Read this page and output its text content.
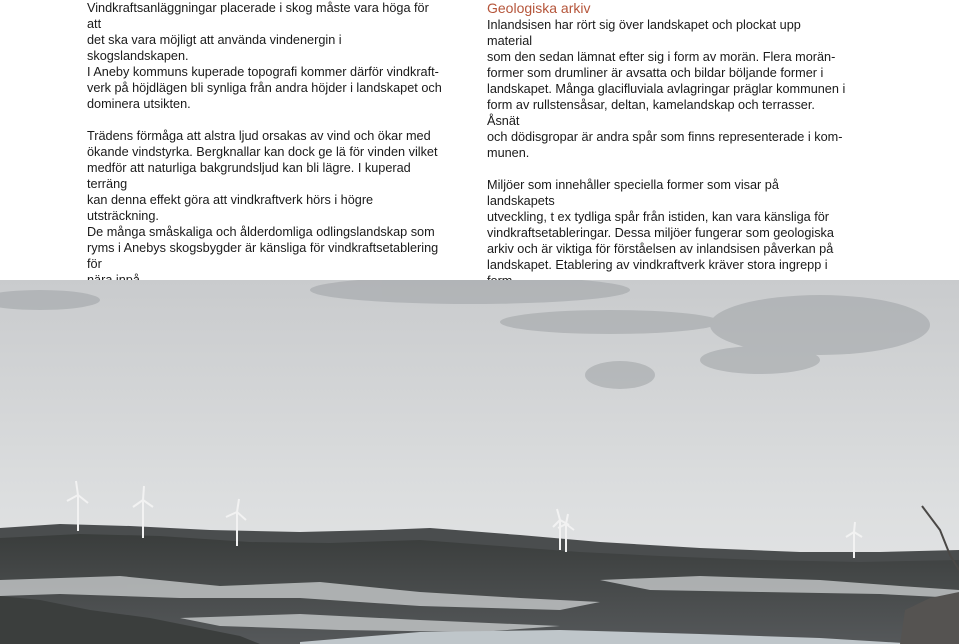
Vindkraftsanläggningar placerade i skog måste vara höga för att
det ska vara möjligt att använda vindenergin i skogslandskapen.
I Aneby kommuns kuperade topografi kommer därför vindkraft-
verk på höjdlägen bli synliga från andra höjder i landskapet och
dominera utsikten.

Trädens förmåga att alstra ljud orsakas av vind och ökar med
ökande vindstyrka. Bergknallar kan dock ge lä för vinden vilket
medför att naturliga bakgrundsljud kan bli lägre. I kuperad terräng
kan denna effekt göra att vindkraftverk hörs i högre utsträckning.
De många småskaliga och ålderdomliga odlingslandskap som
ryms i Anebys skogsbygder är känsliga för vindkraftsetablering för

Geologiska arkiv

Inlandsisen har rört sig över landskapet och plockat upp material
som den sedan lämnat efter sig i form av morän. Flera morän-
former som drumliner är avsatta och bildar böljande former i
landskapet. Många glacifluviala avlagringar präglar kommunen i
form av rullstensåsar, deltan, kamelandskap och terrasser. Åsnät
och dödisgropar är andra spår som finns representerade i kom-
munen.

Miljöer som innehåller speciella former som visar på landskapets
utveckling, t ex tydliga spår från istiden, kan vara känsliga för
vindkraftsetableringar. Dessa miljöer fungerar som geologiska
arkiv och är viktiga för förståelsen av inlandsisen påverkan på
landskapet. Etablering av vindkraftverk kräver stora ingrepp i
